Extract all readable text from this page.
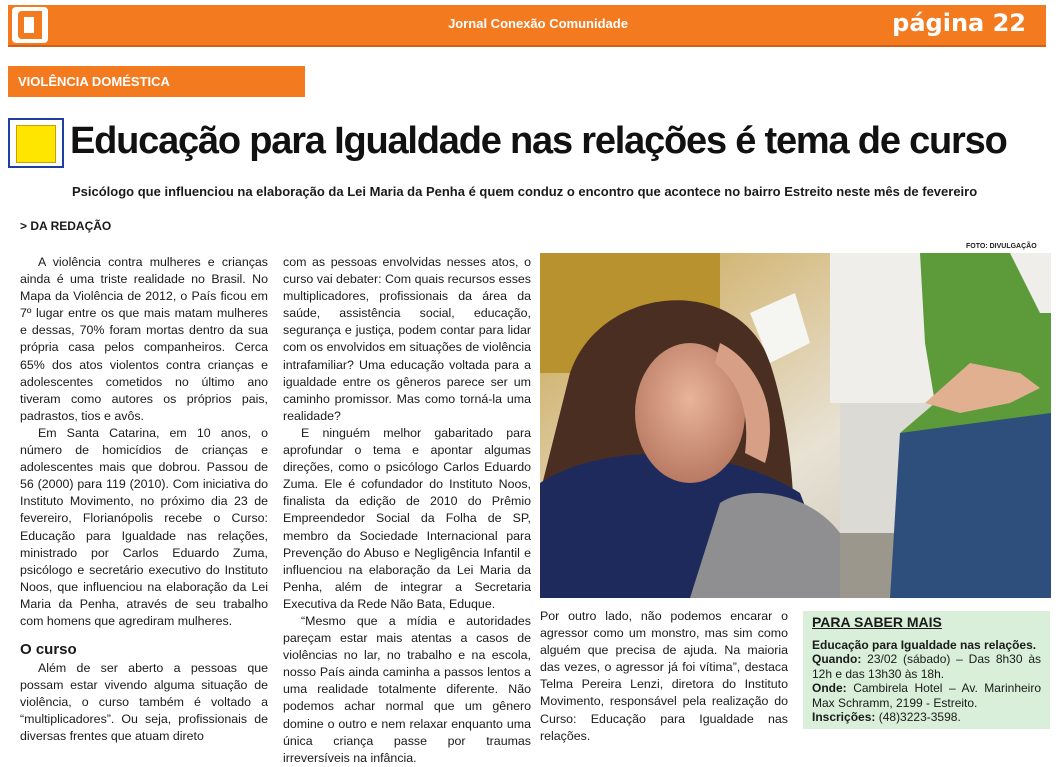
Jornal Conexão Comunidade	página 22
VIOLÊNCIA DOMÉSTICA
Educação para Igualdade nas relações é tema de curso
Psicólogo que influenciou na elaboração da Lei Maria da Penha é quem conduz o encontro que acontece no bairro Estreito neste mês de fevereiro
> DA REDAÇÃO
FOTO: DIVULGAÇÃO

A violência contra mulheres e crianças ainda é uma triste realidade no Brasil. No Mapa da Violência de 2012, o País ficou em 7º lugar entre os que mais matam mulheres e dessas, 70% foram mortas dentro da sua própria casa pelos companheiros. Cerca 65% dos atos violentos contra crianças e adolescentes cometidos no último ano tiveram como autores os próprios pais, padrastos, tios e avôs.

Em Santa Catarina, em 10 anos, o número de homicídios de crianças e adolescentes mais que dobrou. Passou de 56 (2000) para 119 (2010). Com iniciativa do Instituto Movimento, no próximo dia 23 de fevereiro, Florianópolis recebe o Curso: Educação para Igualdade nas relações, ministrado por Carlos Eduardo Zuma, psicólogo e secretário executivo do Instituto Noos, que influenciou na elaboração da Lei Maria da Penha, através de seu trabalho com homens que agrediram mulheres.

O curso

Além de ser aberto a pessoas que possam estar vivendo alguma situação de violência, o curso também é voltado a “multiplicadores”. Ou seja, profissionais de diversas frentes que atuam direto

com as pessoas envolvidas nesses atos, o curso vai debater: Com quais recursos esses multiplicadores, profissionais da área da saúde, assistência social, educação, segurança e justiça, podem contar para lidar com os envolvidos em situações de violência intrafamiliar? Uma educação voltada para a igualdade entre os gêneros parece ser um caminho promissor. Mas como torná-la uma realidade?

E ninguém melhor gabaritado para aprofundar o tema e apontar algumas direções, como o psicólogo Carlos Eduardo Zuma. Ele é cofundador do Instituto Noos, finalista da edição de 2010 do Prêmio Empreendedor Social da Folha de SP, membro da Sociedade Internacional para Prevenção do Abuso e Negligência Infantil e influenciou na elaboração da Lei Maria da Penha, além de integrar a Secretaria Executiva da Rede Não Bata, Eduque.

“Mesmo que a mídia e autoridades pareçam estar mais atentas a casos de violências no lar, no trabalho e na escola, nosso País ainda caminha a passos lentos a uma realidade totalmente diferente. Não podemos achar normal que um gênero domine o outro e nem relaxar enquanto uma única criança passe por traumas irreversíveis na infância.

Por outro lado, não podemos encarar o agressor como um monstro, mas sim como alguém que precisa de ajuda. Na maioria das vezes, o agressor já foi vítima”, destaca Telma Pereira Lenzi, diretora do Instituto Movimento, responsável pela realização do Curso: Educação para Igualdade nas relações.

PARA SABER MAIS

Educação para Igualdade nas relações.

Quando: 23/02 (sábado) – Das 8h30 às 12h e das 13h30 às 18h.

Onde: Cambirela Hotel – Av. Marinheiro Max Schramm, 2199 - Estreito.

Inscrições: (48)3223-3598.
